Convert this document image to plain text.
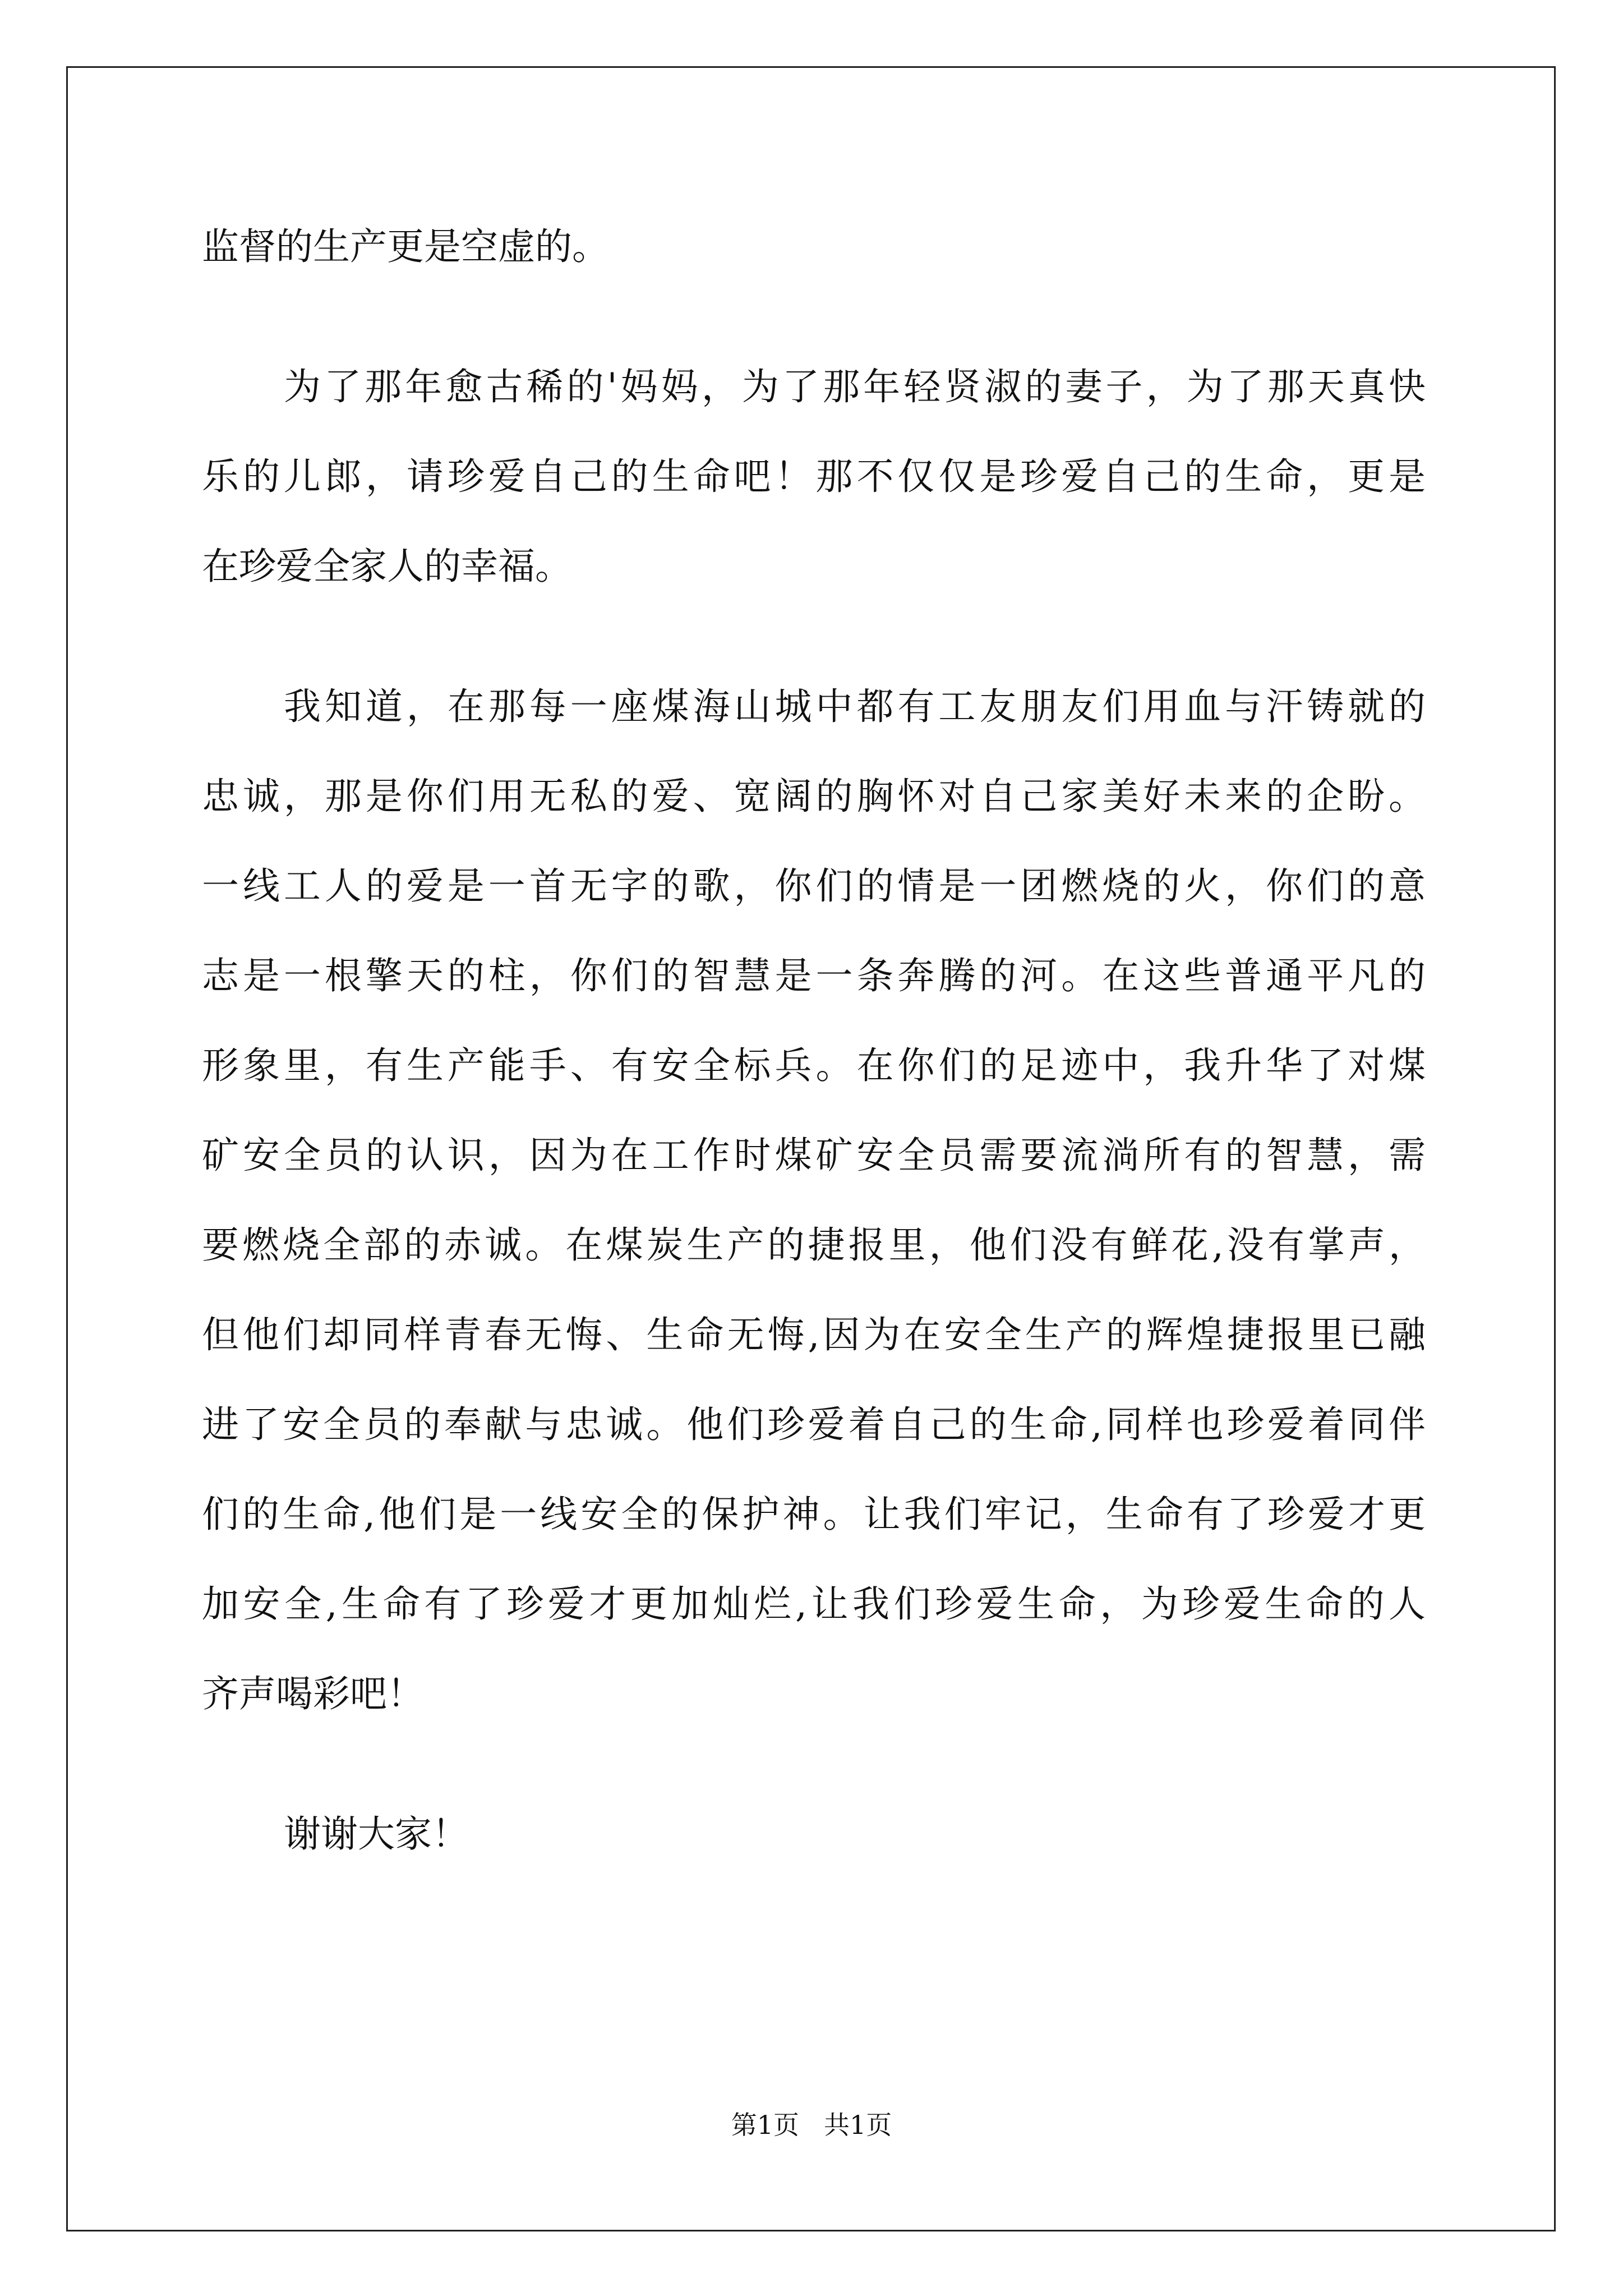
监督的生产更是空虚的。
为了那年愈古稀的'妈妈，为了那年轻贤淑的妻子，为了那天真快
乐的儿郎，请珍爱自己的生命吧！那不仅仅是珍爱自己的生命，更是
在珍爱全家人的幸福。
我知道，在那每一座煤海山城中都有工友朋友们用血与汗铸就的
忠诚，那是你们用无私的爱、宽阔的胸怀对自己家美好未来的企盼。
一线工人的爱是一首无字的歌，你们的情是一团燃烧的火，你们的意
志是一根擎天的柱，你们的智慧是一条奔腾的河。在这些普通平凡的
形象里，有生产能手、有安全标兵。在你们的足迹中，我升华了对煤
矿安全员的认识，因为在工作时煤矿安全员需要流淌所有的智慧，需
要燃烧全部的赤诚。在煤炭生产的捷报里，他们没有鲜花,没有掌声，
但他们却同样青春无悔、生命无悔,因为在安全生产的辉煌捷报里已融
进了安全员的奉献与忠诚。他们珍爱着自己的生命,同样也珍爱着同伴
们的生命,他们是一线安全的保护神。让我们牢记，生命有了珍爱才更
加安全,生命有了珍爱才更加灿烂,让我们珍爱生命，为珍爱生命的人
齐声喝彩吧！
谢谢大家！
第1页 共1页
